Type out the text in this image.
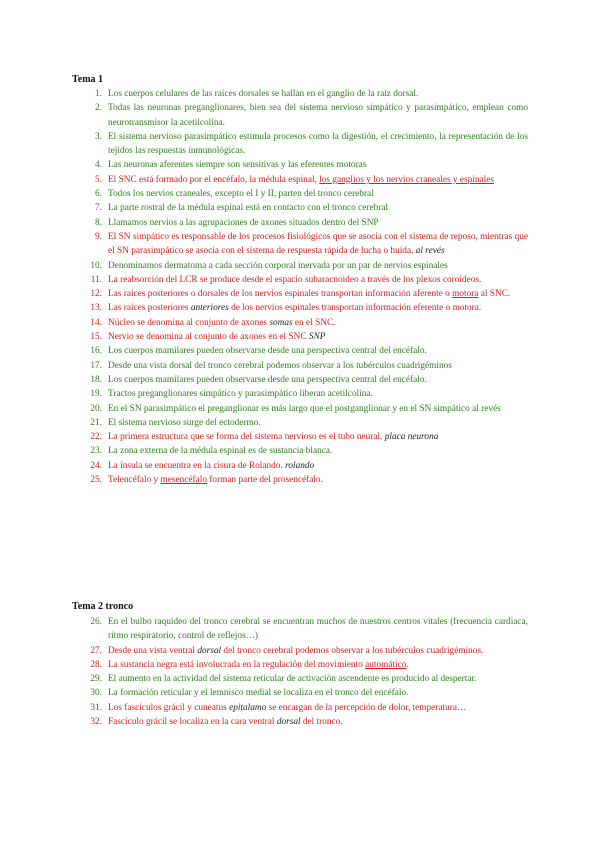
Tema 1
1. Los cuerpos celulares de las raíces dorsales se hallan en el ganglio de la raíz dorsal.
2. Todas las neuronas preganglionares, bien sea del sistema nervioso simpático y parasimpático, emplean como neurotransmisor la acetilcolina.
3. El sistema nervioso parasimpático estimula procesos como la digestión, el crecimiento, la representación de los tejidos las respuestas inmunológicas.
4. Las neuronas aferentes siempre son sensitivas y las eferentes motoras
5. El SNC está formado por el encéfalo, la médula espinal, los ganglios y los nervios craneales y espinales
6. Todos los nervios craneales, excepto el I y II, parten del tronco cerebral
7. La parte rostral de la médula espinal está en contacto con el tronco cerebral
8. Llamamos nervios a las agrupaciones de axones situados dentro del SNP
9. El SN simpático es responsable de los procesos fisiológicos que se asocia con el sistema de reposo, mientras que el SN parasimpático se asocia con el sistema de respuesta rápida de lucha o huida. al revés
10. Denominamos dermatoma a cada sección corporal inervada por un par de nervios espinales
11. La reabsorción del LCR se produce desde el espacio subaracnoideo a través de los plexos coroideos.
12. Las raíces posteriores o dorsales de los nervios espinales transportan información aferente o motora al SNC.
13. Las raíces posteriores anteriores de los nervios espinales transportan información eferente o motora.
14. Núcleo se denomina al conjunto de axones somas en el SNC.
15. Nervio se denomina al conjunto de axones en el SNC SNP
16. Los cuerpos mamilares pueden observarse desde una perspectiva central del encéfalo.
17. Desde una vista dorsal del tronco cerebral podemos observar a los tubérculos cuadrigéminos
18. Los cuerpos mamilares pueden observarse desde una perspectiva central del encéfalo.
19. Tractos preganglionares simpático y parasimpático liberan acetilcolina.
20. En el SN parasimpático el preganglionar es más largo que el postganglionar y en el SN simpático al revés
21. El sistema nervioso surge del ectodermo.
22. La primera estructura que se forma del sistema nervioso es el tubo neural. placa neurona
23. La zona externa de la médula espinal es de sustancia blanca.
24. La ínsula se encuentra en la cisura de Rolando. rolando
25. Telencéfalo y mesencéfalo forman parte del prosencéfalo.
Tema 2 tronco
26. En el bulbo raquídeo del tronco cerebral se encuentran muchos de nuestros centros vitales (frecuencia cardiaca, ritmo respiratorio, control de reflejos…)
27. Desde una vista ventral dorsal del tronco cerebral podemos observar a los tubérculos cuadrigéminos.
28. La sustancia negra está involucrada en la regulación del movimiento automático.
29. El aumento en la actividad del sistema reticular de activación ascendente es producido al despertar.
30. La formación reticular y el lemnisco medial se localiza en el tronco del encéfalo.
31. Los fascículos grácil y cuneatus epitalamo se encargan de la percepción de dolor, temperatura…
32. Fascículo grácil se localiza en la cara ventral dorsal del tronco.
